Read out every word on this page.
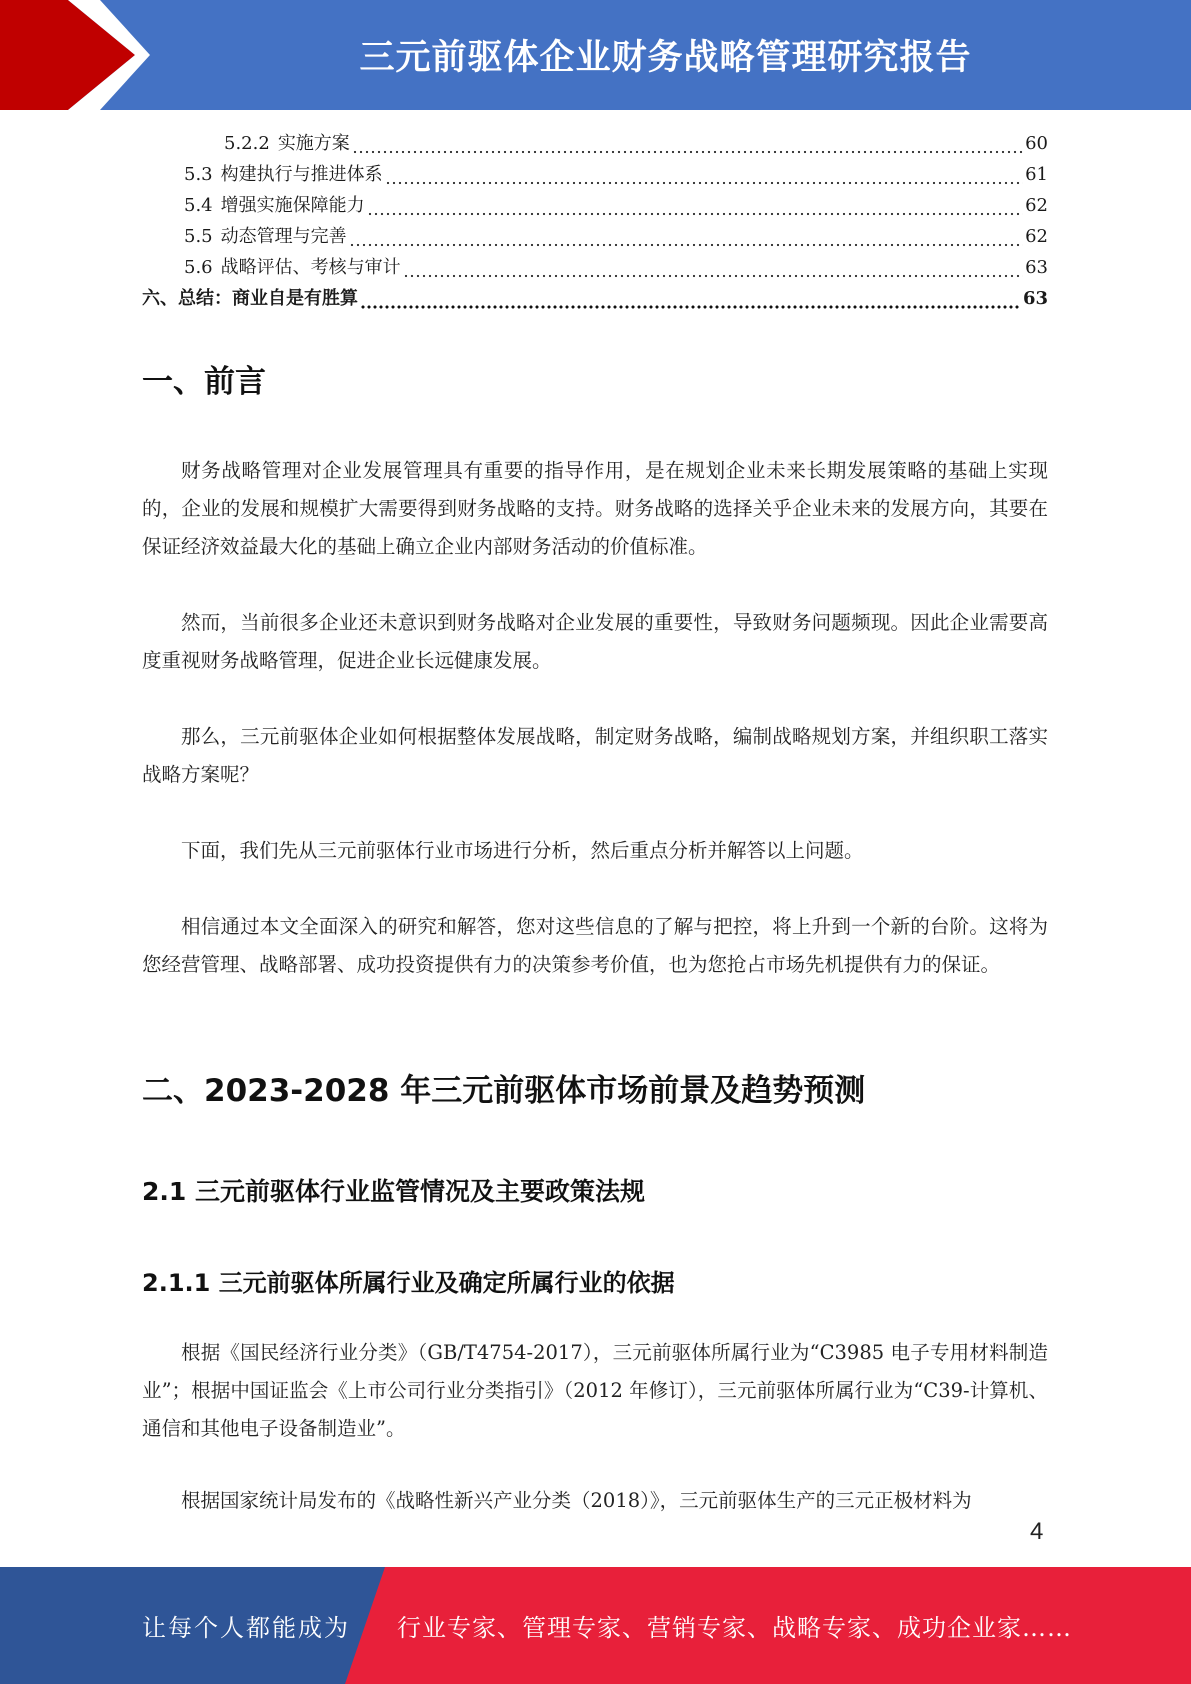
三元前驱体企业财务战略管理研究报告
5.2.2 实施方案	60
5.3 构建执行与推进体系	61
5.4 增强实施保障能力	62
5.5 动态管理与完善	62
5.6 战略评估、考核与审计	63
六、总结：商业自是有胜算	63
一、前言

财务战略管理对企业发展管理具有重要的指导作用，是在规划企业未来长期发展策略的基础上实现的，企业的发展和规模扩大需要得到财务战略的支持。财务战略的选择关乎企业未来的发展方向，其要在保证经济效益最大化的基础上确立企业内部财务活动的价值标准。

然而，当前很多企业还未意识到财务战略对企业发展的重要性，导致财务问题频现。因此企业需要高度重视财务战略管理，促进企业长远健康发展。

那么，三元前驱体企业如何根据整体发展战略，制定财务战略，编制战略规划方案，并组织职工落实战略方案呢？

下面，我们先从三元前驱体行业市场进行分析，然后重点分析并解答以上问题。

相信通过本文全面深入的研究和解答，您对这些信息的了解与把控，将上升到一个新的台阶。这将为您经营管理、战略部署、成功投资提供有力的决策参考价值，也为您抢占市场先机提供有力的保证。

二、2023-2028 年三元前驱体市场前景及趋势预测
2.1 三元前驱体行业监管情况及主要政策法规
2.1.1 三元前驱体所属行业及确定所属行业的依据

根据《国民经济行业分类》（GB/T4754-2017），三元前驱体所属行业为“C3985 电子专用材料制造业”；根据中国证监会《上市公司行业分类指引》（2012 年修订），三元前驱体所属行业为“C39-计算机、通信和其他电子设备制造业”。

根据国家统计局发布的《战略性新兴产业分类（2018）》，三元前驱体生产的三元正极材料为

4
让每个人都能成为 行业专家、管理专家、营销专家、战略专家、成功企业家……
